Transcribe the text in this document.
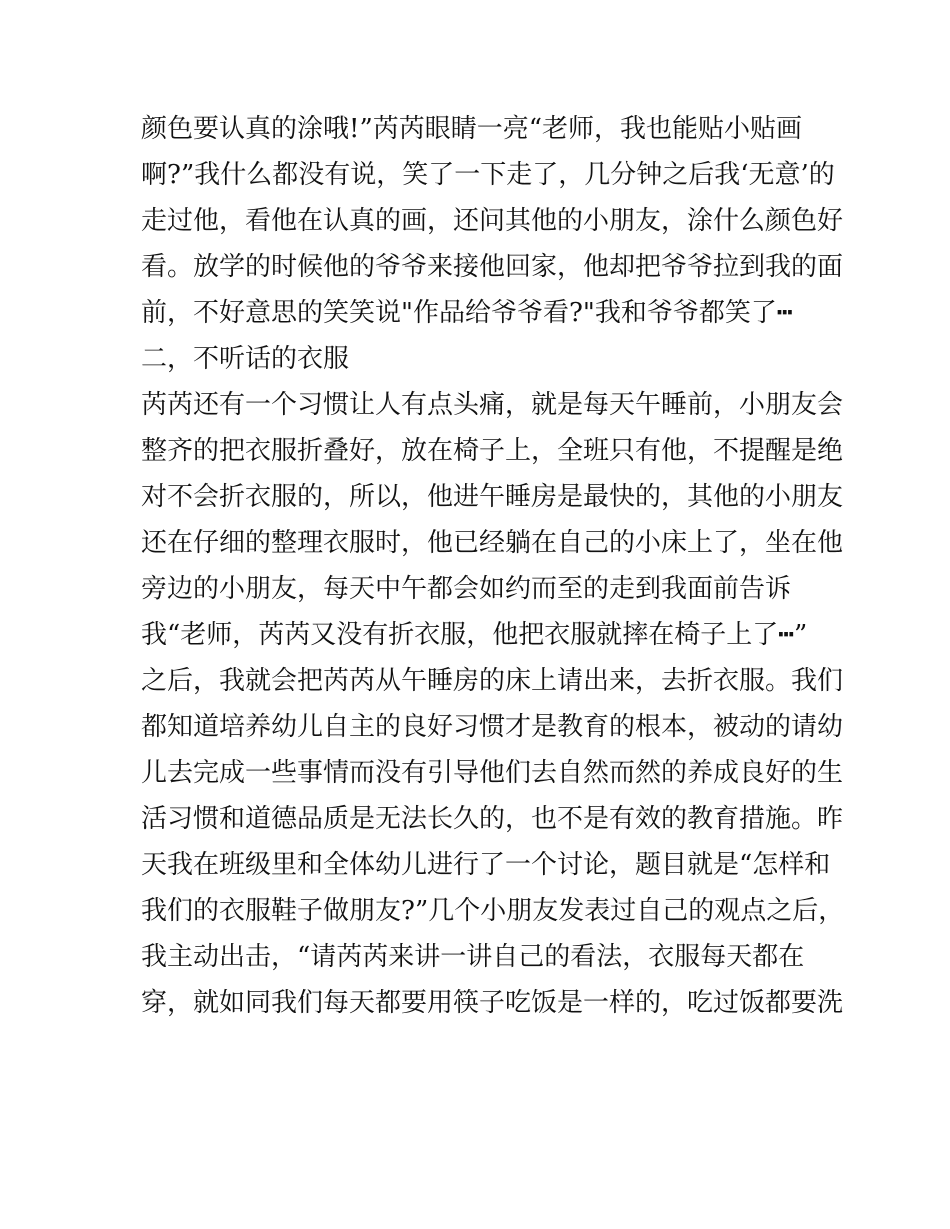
颜色要认真的涂哦!”芮芮眼睛一亮“老师，我也能贴小贴画
啊?”我什么都没有说，笑了一下走了，几分钟之后我‘无意’的
走过他，看他在认真的画，还问其他的小朋友，涂什么颜色好
看。放学的时候他的爷爷来接他回家，他却把爷爷拉到我的面
前，不好意思的笑笑说"作品给爷爷看?"我和爷爷都笑了┅
二，不听话的衣服
芮芮还有一个习惯让人有点头痛，就是每天午睡前，小朋友会
整齐的把衣服折叠好，放在椅子上，全班只有他，不提醒是绝
对不会折衣服的，所以，他进午睡房是最快的，其他的小朋友
还在仔细的整理衣服时，他已经躺在自己的小床上了，坐在他
旁边的小朋友，每天中午都会如约而至的走到我面前告诉
我“老师，芮芮又没有折衣服，他把衣服就摔在椅子上了┅”
之后，我就会把芮芮从午睡房的床上请出来，去折衣服。我们
都知道培养幼儿自主的良好习惯才是教育的根本，被动的请幼
儿去完成一些事情而没有引导他们去自然而然的养成良好的生
活习惯和道德品质是无法长久的，也不是有效的教育措施。昨
天我在班级里和全体幼儿进行了一个讨论，题目就是“怎样和
我们的衣服鞋子做朋友?”几个小朋友发表过自己的观点之后，
我主动出击，“请芮芮来讲一讲自己的看法，衣服每天都在
穿，就如同我们每天都要用筷子吃饭是一样的，吃过饭都要洗
